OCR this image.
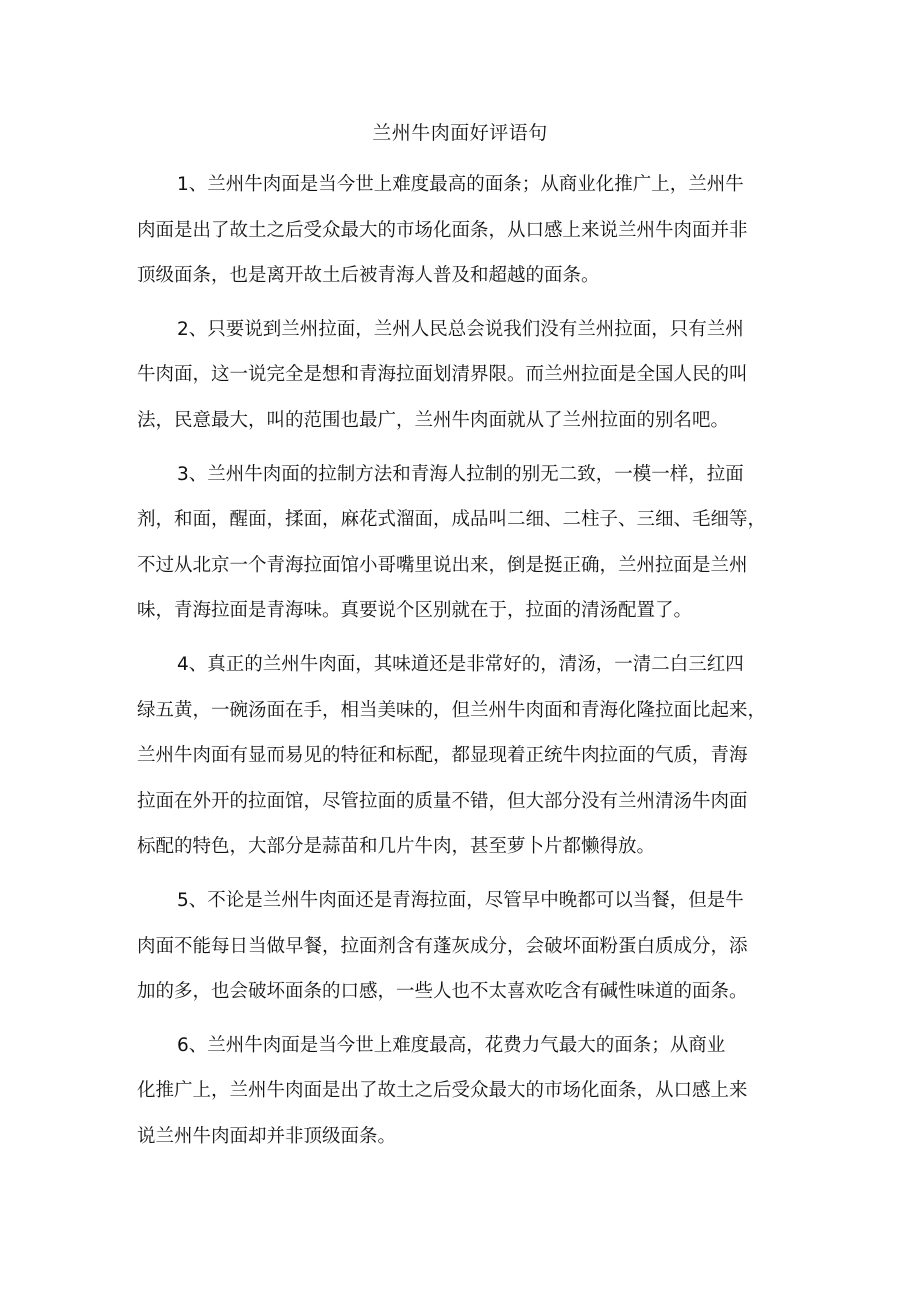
兰州牛肉面好评语句
1、兰州牛肉面是当今世上难度最高的面条；从商业化推广上，兰州牛
肉面是出了故土之后受众最大的市场化面条，从口感上来说兰州牛肉面并非
顶级面条，也是离开故土后被青海人普及和超越的面条。
2、只要说到兰州拉面，兰州人民总会说我们没有兰州拉面，只有兰州
牛肉面，这一说完全是想和青海拉面划清界限。而兰州拉面是全国人民的叫
法，民意最大，叫的范围也最广，兰州牛肉面就从了兰州拉面的别名吧。
3、兰州牛肉面的拉制方法和青海人拉制的别无二致，一模一样，拉面
剂，和面，醒面，揉面，麻花式溜面，成品叫二细、二柱子、三细、毛细等，
不过从北京一个青海拉面馆小哥嘴里说出来，倒是挺正确，兰州拉面是兰州
味，青海拉面是青海味。真要说个区别就在于，拉面的清汤配置了。
4、真正的兰州牛肉面，其味道还是非常好的，清汤，一清二白三红四
绿五黄，一碗汤面在手，相当美味的，但兰州牛肉面和青海化隆拉面比起来，
兰州牛肉面有显而易见的特征和标配，都显现着正统牛肉拉面的气质，青海
拉面在外开的拉面馆，尽管拉面的质量不错，但大部分没有兰州清汤牛肉面
标配的特色，大部分是蒜苗和几片牛肉，甚至萝卜片都懒得放。
5、不论是兰州牛肉面还是青海拉面，尽管早中晚都可以当餐，但是牛
肉面不能每日当做早餐，拉面剂含有蓬灰成分，会破坏面粉蛋白质成分，添
加的多，也会破坏面条的口感，一些人也不太喜欢吃含有碱性味道的面条。
6、兰州牛肉面是当今世上难度最高，花费力气最大的面条；从商业
化推广上，兰州牛肉面是出了故土之后受众最大的市场化面条，从口感上来
说兰州牛肉面却并非顶级面条。
